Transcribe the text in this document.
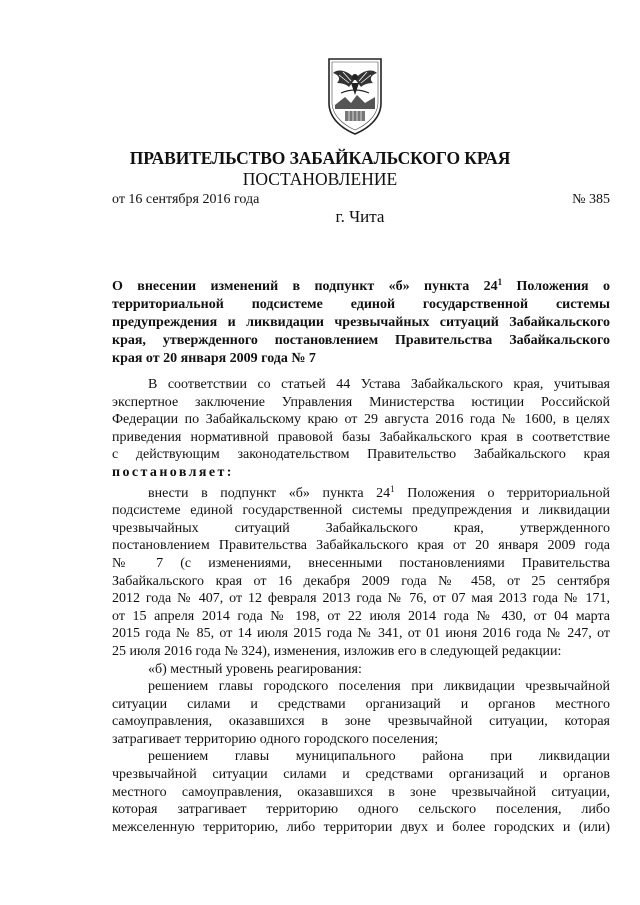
ПРАВИТЕЛЬСТВО ЗАБАЙКАЛЬСКОГО КРАЯ
ПОСТАНОВЛЕНИЕ
от 16 сентября 2016 года	№ 385
г. Чита
О внесении изменений в подпункт «б» пункта $24^1$ Положения о
территориальной подсистеме единой государственной системы
предупреждения и ликвидации чрезвычайных ситуаций Забайкальского
края, утвержденного постановлением Правительства Забайкальского
края от 20 января 2009 года № 7
В соответствии со статьей 44 Устава Забайкальского края, учитывая
экспертное заключение Управления Министерства юстиции Российской
Федерации по Забайкальскому краю от 29 августа 2016 года № 1600, в целях
приведения нормативной правовой базы Забайкальского края в соответствие
с действующим законодательством Правительство Забайкальского края
постановляет:
внести в подпункт «б» пункта $24^1$ Положения о территориальной
подсистеме единой государственной системы предупреждения и ликвидации
чрезвычайных ситуаций Забайкальского края, утвержденного
постановлением Правительства Забайкальского края от 20 января 2009 года
№ 7 (с изменениями, внесенными постановлениями Правительства
Забайкальского края от 16 декабря 2009 года № 458, от 25 сентября
2012 года № 407, от 12 февраля 2013 года № 76, от 07 мая 2013 года № 171,
от 15 апреля 2014 года № 198, от 22 июля 2014 года № 430, от 04 марта
2015 года № 85, от 14 июля 2015 года № 341, от 01 июня 2016 года № 247, от
25 июля 2016 года № 324), изменения, изложив его в следующей редакции:
«б) местный уровень реагирования:
решением главы городского поселения при ликвидации чрезвычайной
ситуации силами и средствами организаций и органов местного
самоуправления, оказавшихся в зоне чрезвычайной ситуации, которая
затрагивает территорию одного городского поселения;
решением главы муниципального района при ликвидации
чрезвычайной ситуации силами и средствами организаций и органов
местного самоуправления, оказавшихся в зоне чрезвычайной ситуации,
которая затрагивает территорию одного сельского поселения, либо
межселенную территорию, либо территории двух и более городских и (или)
